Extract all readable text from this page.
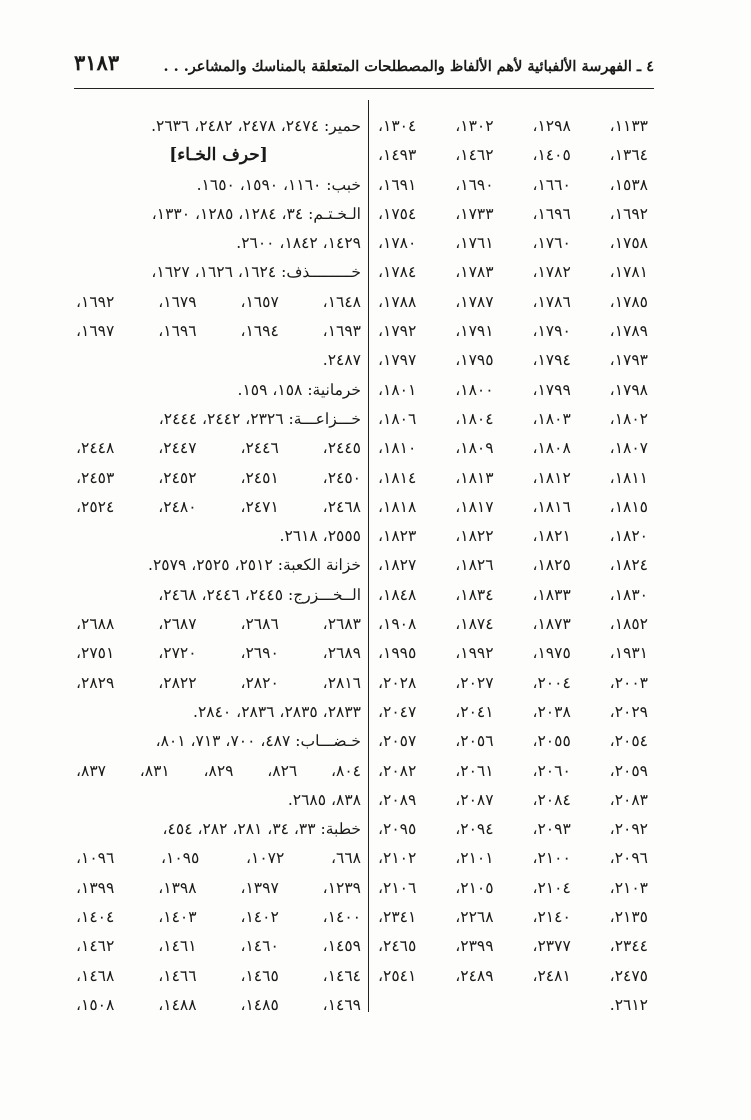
٤ ـ الفهرسة الألفبائية لأهم الألفاظ والمصطلحات المتعلقة بالمناسك والمشاعر. . .
٣١٨٣
١١٣٣،
١٢٩٨،
١٣٠٢،
١٣٠٤،
١٣٦٤،
١٤٠٥،
١٤٦٢،
١٤٩٣،
١٥٣٨،
١٦٦٠،
١٦٩٠،
١٦٩١،
١٦٩٢،
١٦٩٦،
١٧٣٣،
١٧٥٤،
١٧٥٨،
١٧٦٠،
١٧٦١،
١٧٨٠،
١٧٨١،
١٧٨٢،
١٧٨٣،
١٧٨٤،
١٧٨٥،
١٧٨٦،
١٧٨٧،
١٧٨٨،
١٧٨٩،
١٧٩٠،
١٧٩١،
١٧٩٢،
١٧٩٣،
١٧٩٤،
١٧٩٥،
١٧٩٧،
١٧٩٨،
١٧٩٩،
١٨٠٠،
١٨٠١،
١٨٠٢،
١٨٠٣،
١٨٠٤،
١٨٠٦،
١٨٠٧،
١٨٠٨،
١٨٠٩،
١٨١٠،
١٨١١،
١٨١٢،
١٨١٣،
١٨١٤،
١٨١٥،
١٨١٦،
١٨١٧،
١٨١٨،
١٨٢٠،
١٨٢١،
١٨٢٢،
١٨٢٣،
١٨٢٤،
١٨٢٥،
١٨٢٦،
١٨٢٧،
١٨٣٠،
١٨٣٣،
١٨٣٤،
١٨٤٨،
١٨٥٢،
١٨٧٣،
١٨٧٤،
١٩٠٨،
١٩٣١،
١٩٧٥،
١٩٩٢،
١٩٩٥،
٢٠٠٣،
٢٠٠٤،
٢٠٢٧،
٢٠٢٨،
٢٠٢٩،
٢٠٣٨،
٢٠٤١،
٢٠٤٧،
٢٠٥٤،
٢٠٥٥،
٢٠٥٦،
٢٠٥٧،
٢٠٥٩،
٢٠٦٠،
٢٠٦١،
٢٠٨٢،
٢٠٨٣،
٢٠٨٤،
٢٠٨٧،
٢٠٨٩،
٢٠٩٢،
٢٠٩٣،
٢٠٩٤،
٢٠٩٥،
٢٠٩٦،
٢١٠٠،
٢١٠١،
٢١٠٢،
٢١٠٣،
٢١٠٤،
٢١٠٥،
٢١٠٦،
٢١٣٥،
٢١٤٠،
٢٢٦٨،
٢٣٤١،
٢٣٤٤،
٢٣٧٧،
٢٣٩٩،
٢٤٦٥،
٢٤٧٥،
٢٤٨١،
٢٤٨٩،
٢٥٤١،
٢٦١٢.
حمير: ٢٤٧٤، ٢٤٧٨، ٢٤٨٢، ٢٦٣٦.
[حرف الخـاء]
خبب: ١١٦٠، ١٥٩٠، ١٦٥٠.
الـخـتـم: ٣٤، ١٢٨٤، ١٢٨٥، ١٣٣٠،
١٤٢٩، ١٨٤٢، ٢٦٠٠.
خـــــــــذف: ١٦٢٤، ١٦٢٦، ١٦٢٧،
١٦٤٨،
١٦٥٧،
١٦٧٩،
١٦٩٢،
١٦٩٣،
١٦٩٤،
١٦٩٦،
١٦٩٧،
٢٤٨٧.
خرمانية: ١٥٨، ١٥٩.
خـــزاعـــة: ٢٣٢٦، ٢٤٤٢، ٢٤٤٤،
٢٤٤٥،
٢٤٤٦،
٢٤٤٧،
٢٤٤٨،
٢٤٥٠،
٢٤٥١،
٢٤٥٢،
٢٤٥٣،
٢٤٦٨،
٢٤٧١،
٢٤٨٠،
٢٥٢٤،
٢٥٥٥، ٢٦١٨.
خزانة الكعبة: ٢٥١٢، ٢٥٢٥، ٢٥٧٩.
الــخـــزرج: ٢٤٤٥، ٢٤٤٦، ٢٤٦٨،
٢٦٨٣،
٢٦٨٦،
٢٦٨٧،
٢٦٨٨،
٢٦٨٩،
٢٦٩٠،
٢٧٢٠،
٢٧٥١،
٢٨١٦،
٢٨٢٠،
٢٨٢٢،
٢٨٢٩،
٢٨٣٣، ٢٨٣٥، ٢٨٣٦، ٢٨٤٠.
خـضـــاب: ٤٨٧، ٧٠٠، ٧١٣، ٨٠١،
٨٠٤،
٨٢٦،
٨٢٩،
٨٣١،
٨٣٧،
٨٣٨، ٢٦٨٥.
خطبة: ٣٣، ٣٤، ٢٨١، ٢٨٢، ٤٥٤،
٦٦٨،
١٠٧٢،
١٠٩٥،
١٠٩٦،
١٢٣٩،
١٣٩٧،
١٣٩٨،
١٣٩٩،
١٤٠٠،
١٤٠٢،
١٤٠٣،
١٤٠٤،
١٤٥٩،
١٤٦٠،
١٤٦١،
١٤٦٢،
١٤٦٤،
١٤٦٥،
١٤٦٦،
١٤٦٨،
١٤٦٩،
١٤٨٥،
١٤٨٨،
١٥٠٨،
